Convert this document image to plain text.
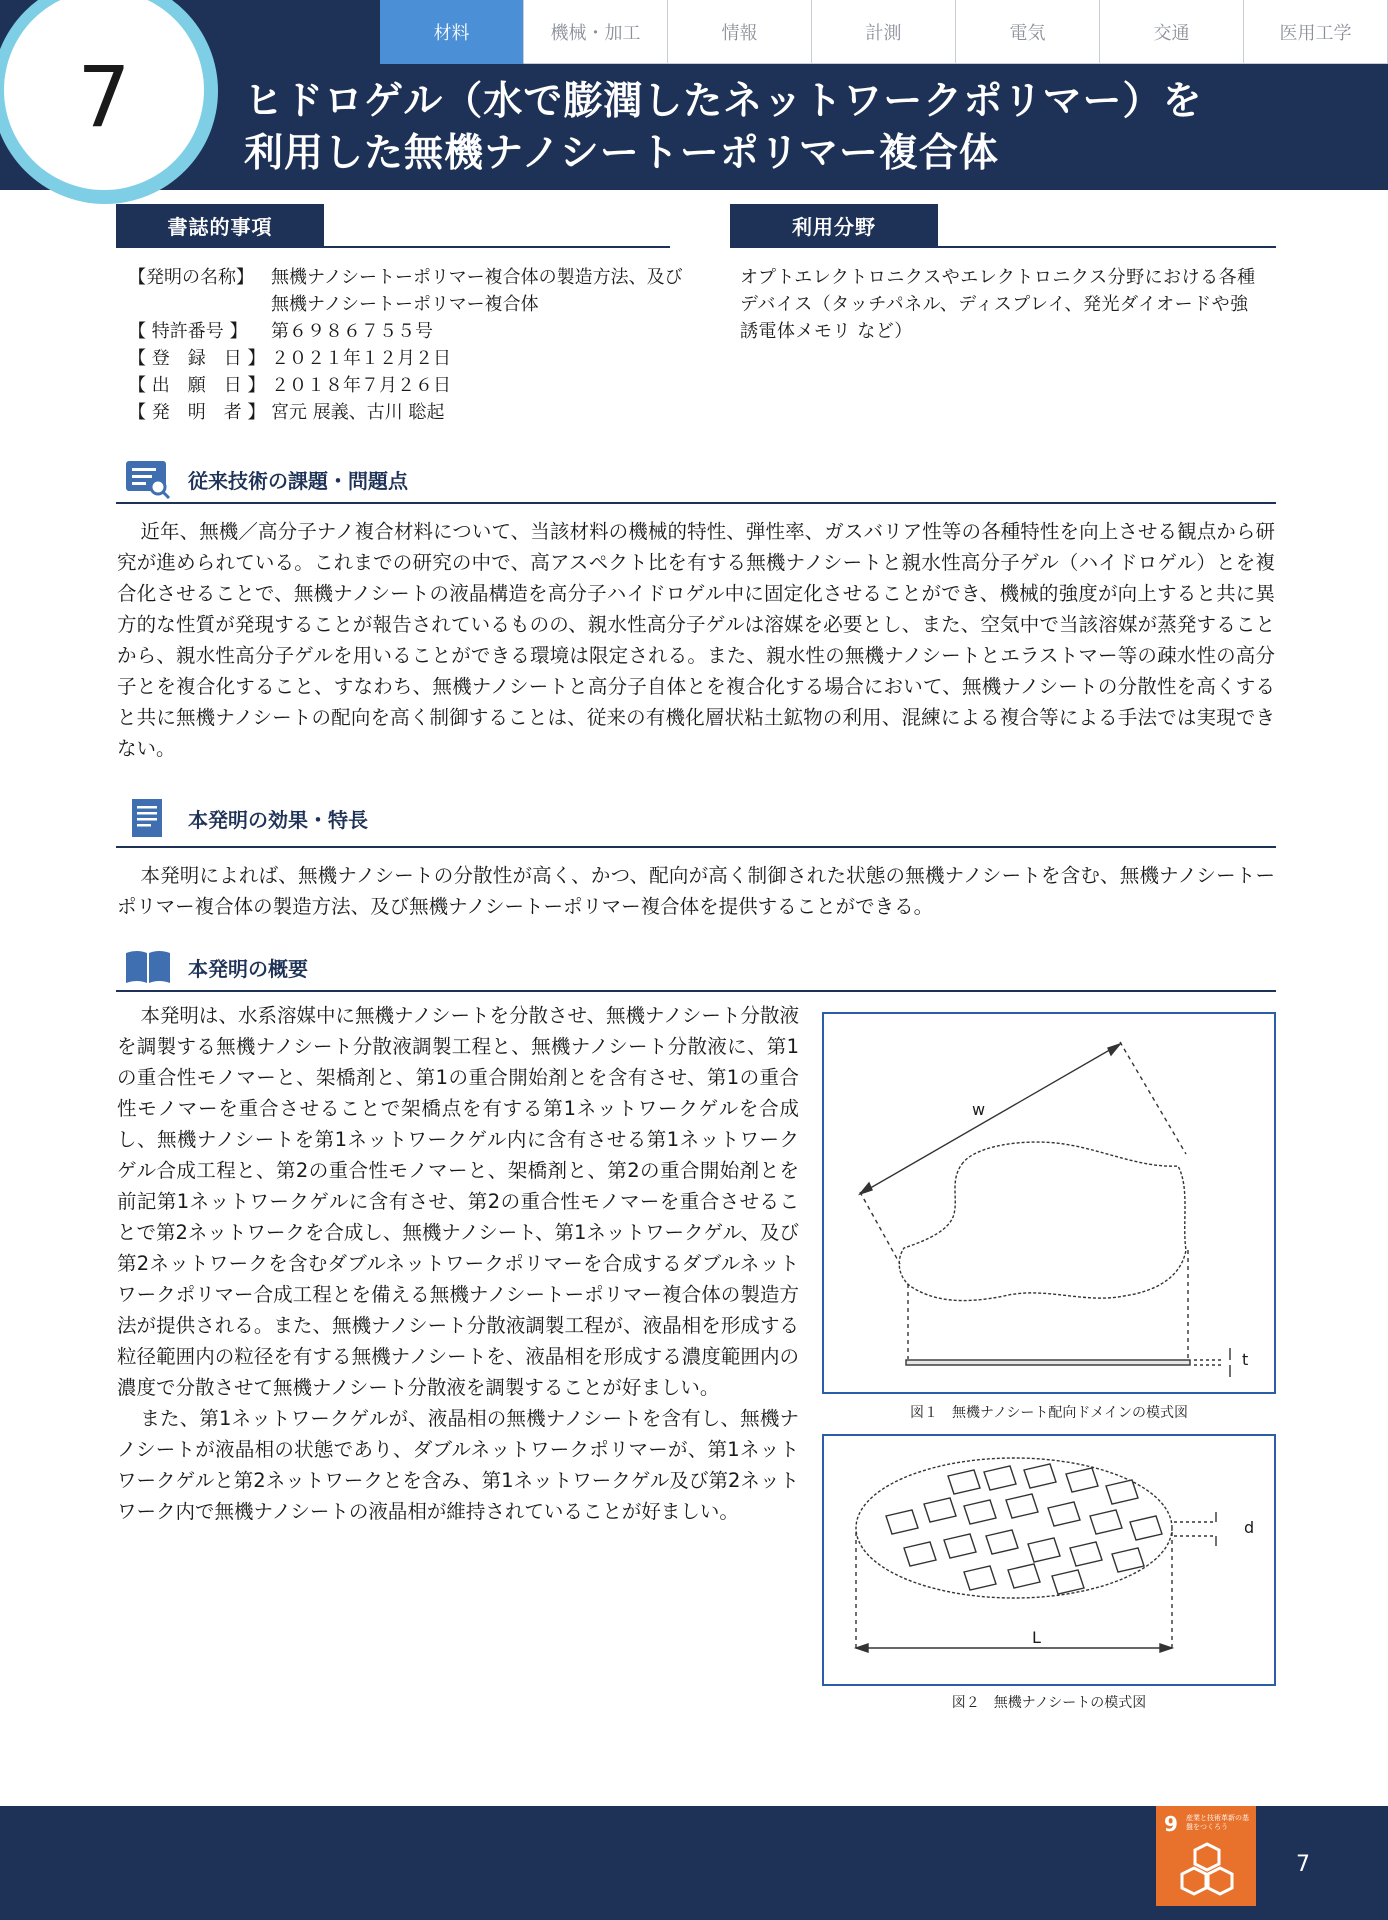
7
材料	機械・加工	情報	計測	電気	交通	医用工学
ヒドロゲル（水で膨潤したネットワークポリマー）を
利用した無機ナノシートーポリマー複合体
書誌的事項
【発明の名称】 無機ナノシートーポリマー複合体の製造方法、及び無機ナノシートーポリマー複合体
【 特許番号 】	第６９８６７５５号
【 登　録　日 】 ２０２１年１２月２日
【 出　願　日 】 ２０１８年７月２６日
【 発　明　者 】 宮元 展義、古川 聡起
利用分野
オプトエレクトロニクスやエレクトロニクス分野における各種デバイス（タッチパネル、ディスプレイ、発光ダイオードや強誘電体メモリ など）
従来技術の課題・問題点
近年、無機／高分子ナノ複合材料について、当該材料の機械的特性、弾性率、ガスバリア性等の各種特性を向上させる観点から研究が進められている。これまでの研究の中で、高アスペクト比を有する無機ナノシートと親水性高分子ゲル（ハイドロゲル）とを複合化させることで、無機ナノシートの液晶構造を高分子ハイドロゲル中に固定化させることができ、機械的強度が向上すると共に異方的な性質が発現することが報告されているものの、親水性高分子ゲルは溶媒を必要とし、また、空気中で当該溶媒が蒸発することから、親水性高分子ゲルを用いることができる環境は限定される。また、親水性の無機ナノシートとエラストマー等の疎水性の高分子とを複合化すること、すなわち、無機ナノシートと高分子自体とを複合化する場合において、無機ナノシートの分散性を高くすると共に無機ナノシートの配向を高く制御することは、従来の有機化層状粘土鉱物の利用、混練による複合等による手法では実現できない。
本発明の効果・特長
本発明によれば、無機ナノシートの分散性が高く、かつ、配向が高く制御された状態の無機ナノシートを含む、無機ナノシートーポリマー複合体の製造方法、及び無機ナノシートーポリマー複合体を提供することができる。
本発明の概要

本発明は、水系溶媒中に無機ナノシートを分散させ、無機ナノシート分散液を調製する無機ナノシート分散液調製工程と、無機ナノシート分散液に、第1の重合性モノマーと、架橋剤と、第1の重合開始剤とを含有させ、第1の重合性モノマーを重合させることで架橋点を有する第1ネットワークゲルを合成し、無機ナノシートを第1ネットワークゲル内に含有させる第1ネットワークゲル合成工程と、第2の重合性モノマーと、架橋剤と、第2の重合開始剤とを前記第1ネットワークゲルに含有させ、第2の重合性モノマーを重合させることで第2ネットワークを合成し、無機ナノシート、第1ネットワークゲル、及び第2ネットワークを含むダブルネットワークポリマーを合成するダブルネットワークポリマー合成工程とを備える無機ナノシートーポリマー複合体の製造方法が提供される。また、無機ナノシート分散液調製工程が、液晶相を形成する粒径範囲内の粒径を有する無機ナノシートを、液晶相を形成する濃度範囲内の濃度で分散させて無機ナノシート分散液を調製することが好ましい。

また、第1ネットワークゲルが、液晶相の無機ナノシートを含有し、無機ナノシートが液晶相の状態であり、ダブルネットワークポリマーが、第1ネットワークゲルと第2ネットワークとを含み、第1ネットワークゲル及び第2ネットワーク内で無機ナノシートの液晶相が維持されていることが好ましい。

w
t
図１　無機ナノシート配向ドメインの模式図
d
L
図２　無機ナノシートの模式図
9 産業と技術革新の基盤をつくろう
7
